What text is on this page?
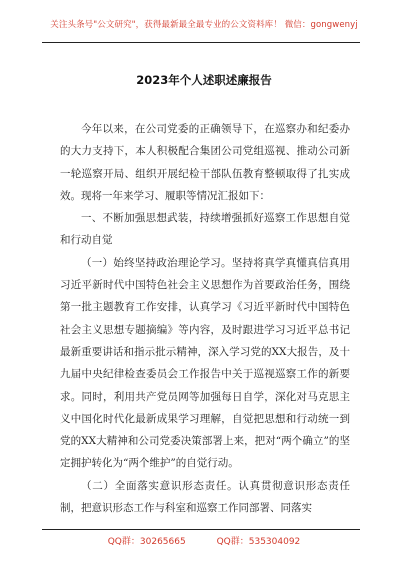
关注头条号"公文研究"，获得最新最全最专业的公文资料库！ 微信：gongwenyj
2023年个人述职述廉报告

今年以来，在公司党委的正确领导下，在巡察办和纪委办的大力支持下，本人积极配合集团公司党组巡视、推动公司新一轮巡察开局、组织开展纪检干部队伍教育整顿取得了扎实成效。现将一年来学习、履职等情况汇报如下：

一、不断加强思想武装，持续增强抓好巡察工作思想自觉和行动自觉

（一）始终坚持政治理论学习。坚持将真学真懂真信真用习近平新时代中国特色社会主义思想作为首要政治任务，围绕第一批主题教育工作安排，认真学习《习近平新时代中国特色社会主义思想专题摘编》等内容，及时跟进学习习近平总书记最新重要讲话和指示批示精神，深入学习党的XX大报告，及十九届中央纪律检查委员会工作报告中关于巡视巡察工作的新要求。同时，利用共产党员网等加强每日自学，深化对马克思主义中国化时代化最新成果学习理解，自觉把思想和行动统一到党的XX大精神和公司党委决策部署上来，把对“两个确立”的坚定拥护转化为“两个维护”的自觉行动。

（二）全面落实意识形态责任。认真贯彻意识形态责任制，把意识形态工作与科室和巡察工作同部署、同落实

QQ群：30265665	QQ群：535304092
